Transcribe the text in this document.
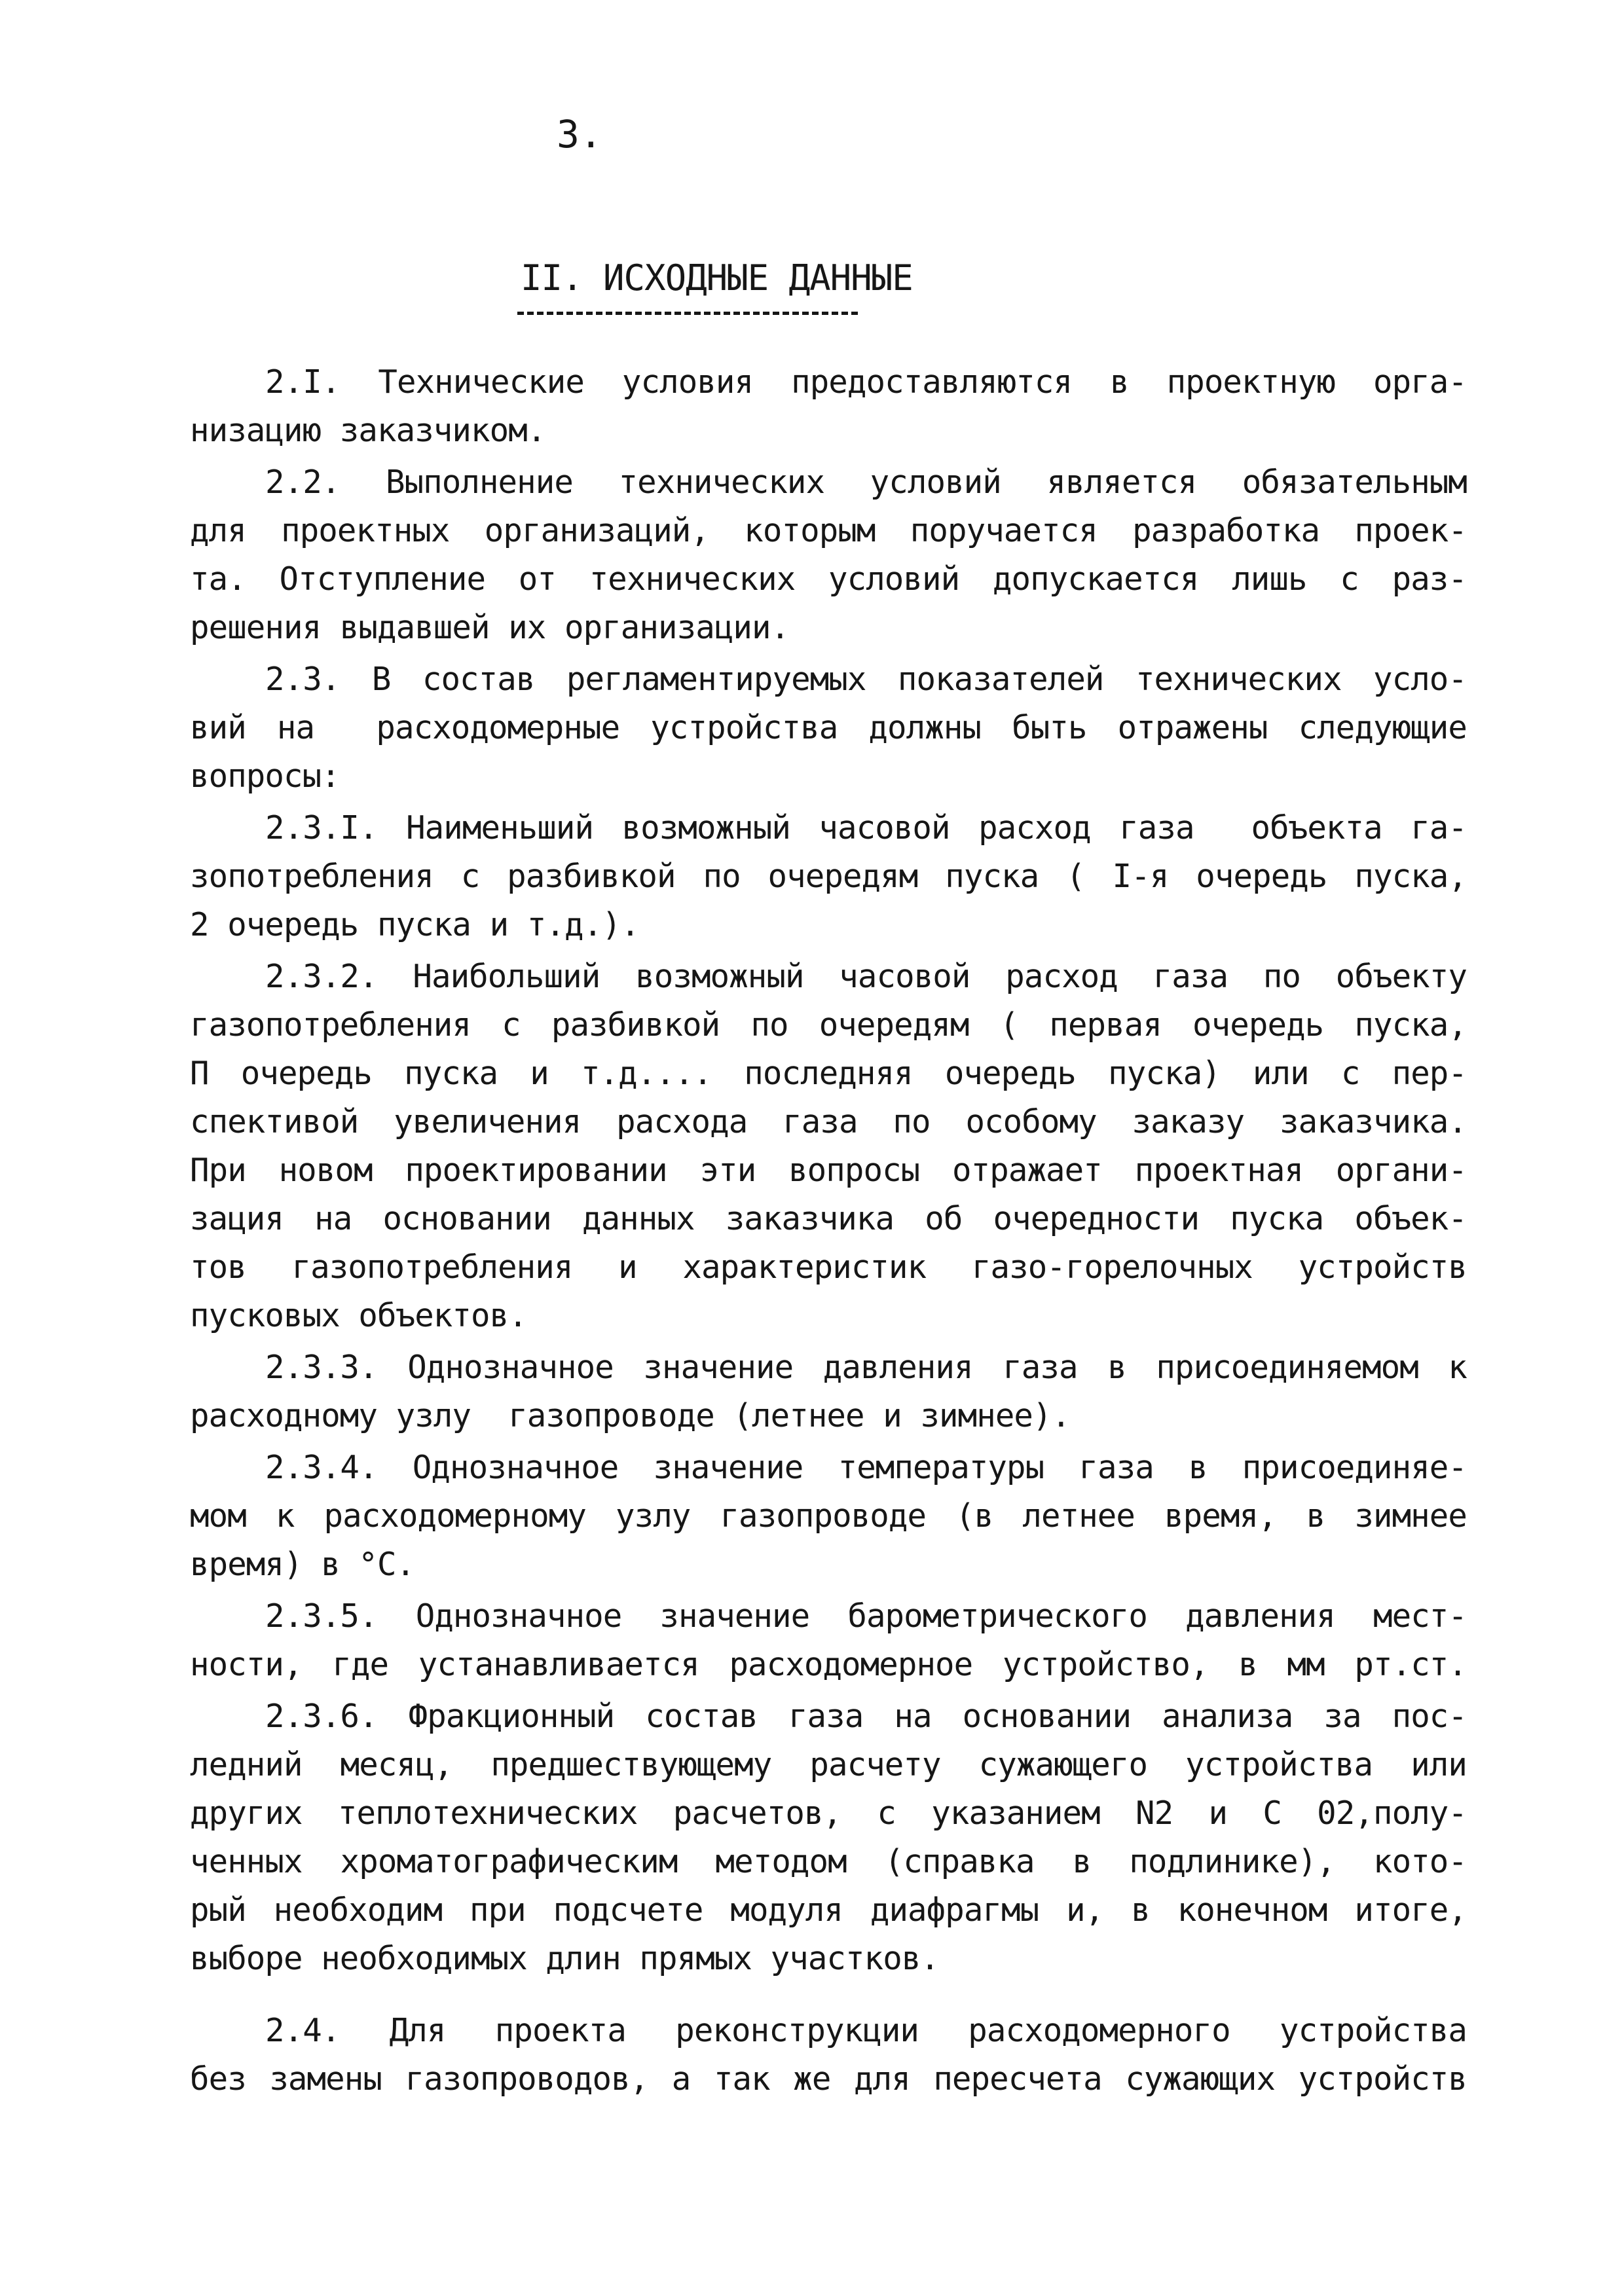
3.

II. ИСХОДНЫЕ ДАННЫЕ

2.I. Технические условия предоставляются в проектную орга-

низацию заказчиком.

2.2. Выполнение технических условий является обязательным

для проектных организаций, которым поручается разработка проек-

та. Отступление от технических условий допускается лишь с раз-

решения выдавшей их организации.

2.3. В состав регламентируемых показателей технических усло-

вий на  расходомерные устройства должны быть отражены следующие

вопросы:

2.3.I. Наименьший возможный часовой расход газа  объекта га-

зопотребления с разбивкой по очередям пуска ( I-я очередь пуска,

2 очередь пуска и т.д.).

2.3.2. Наибольший возможный часовой расход газа по объекту

газопотребления с разбивкой по очередям ( первая очередь пуска,

П очередь пуска и т.д.... последняя очередь пуска) или с пер-

спективой увеличения расхода газа по особому заказу заказчика.

При новом проектировании эти вопросы отражает проектная органи-

зация на основании данных заказчика об очередности пуска объек-

тов газопотребления и характеристик газо-горелочных устройств

пусковых объектов.

2.3.3. Однозначное значение давления газа в присоединяемом к

расходному узлу  газопроводе (летнее и зимнее).

2.3.4. Однозначное значение температуры газа в присоединяе-

мом к расходомерному узлу газопроводе (в летнее время, в зимнее

время) в °С.

2.3.5. Однозначное значение барометрического давления мест-

ности, где устанавливается расходомерное устройство, в мм рт.ст.

2.3.6. Фракционный состав газа на основании анализа за пос-

ледний месяц, предшествующему расчету сужающего устройства или

других теплотехнических расчетов, с указанием N2 и С 02,полу-

ченных хроматографическим методом (справка в подлинике), кото-

рый необходим при подсчете модуля диафрагмы и, в конечном итоге,

выборе необходимых длин прямых участков.

2.4. Для проекта реконструкции расходомерного устройства

без замены газопроводов, а так же для пересчета сужающих устройств
